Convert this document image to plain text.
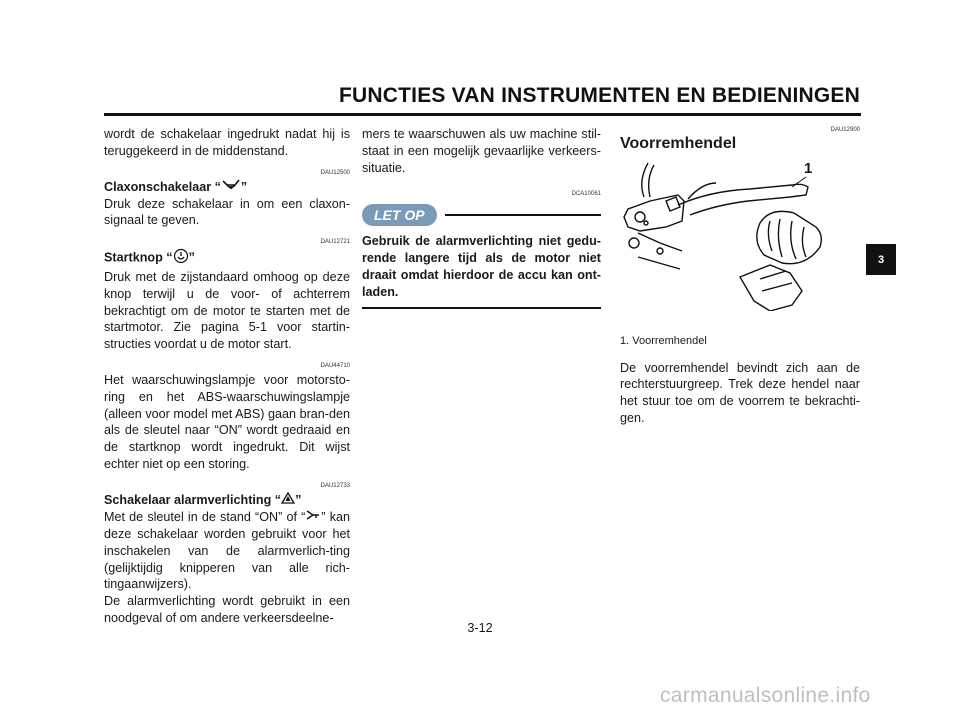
FUNCTIES VAN INSTRUMENTEN EN BEDIENINGEN

wordt de schakelaar ingedrukt nadat hij is teruggekeerd in de middenstand.

DAU12500
Claxonschakelaar “ ”

Druk deze schakelaar in om een claxon-signaal te geven.

DAU12721
Startknop “ ”

Druk met de zijstandaard omhoog op deze knop terwijl u de voor- of achterrem bekrachtigt om de motor te starten met de startmotor. Zie pagina 5-1 voor startin-structies voordat u de motor start.

DAU44710

Het waarschuwingslampje voor motorsto-ring en het ABS-waarschuwingslampje (alleen voor model met ABS) gaan bran-den als de sleutel naar “ON” wordt gedraaid en de startknop wordt ingedrukt. Dit wijst echter niet op een storing.

DAU12733
Schakelaar alarmverlichting “ ”

Met de sleutel in de stand “ON” of “ ” kan deze schakelaar worden gebruikt voor het inschakelen van de alarmverlich-ting (gelijktijdig knipperen van alle rich-tingaanwijzers).

De alarmverlichting wordt gebruikt in een noodgeval of om andere verkeersdeelne-

mers te waarschuwen als uw machine stil-staat in een mogelijk gevaarlijke verkeers-situatie.

DCA10061
LET OP
Gebruik de alarmverlichting niet gedu-rende langere tijd als de motor niet draait omdat hierdoor de accu kan ont-laden.
DAU12900
Voorremhendel
1
1. Voorremhendel

De voorremhendel bevindt zich aan de rechterstuurgreep. Trek deze hendel naar het stuur toe om de voorrem te bekrachti-gen.

3
3-12
carmanualsonline.info
